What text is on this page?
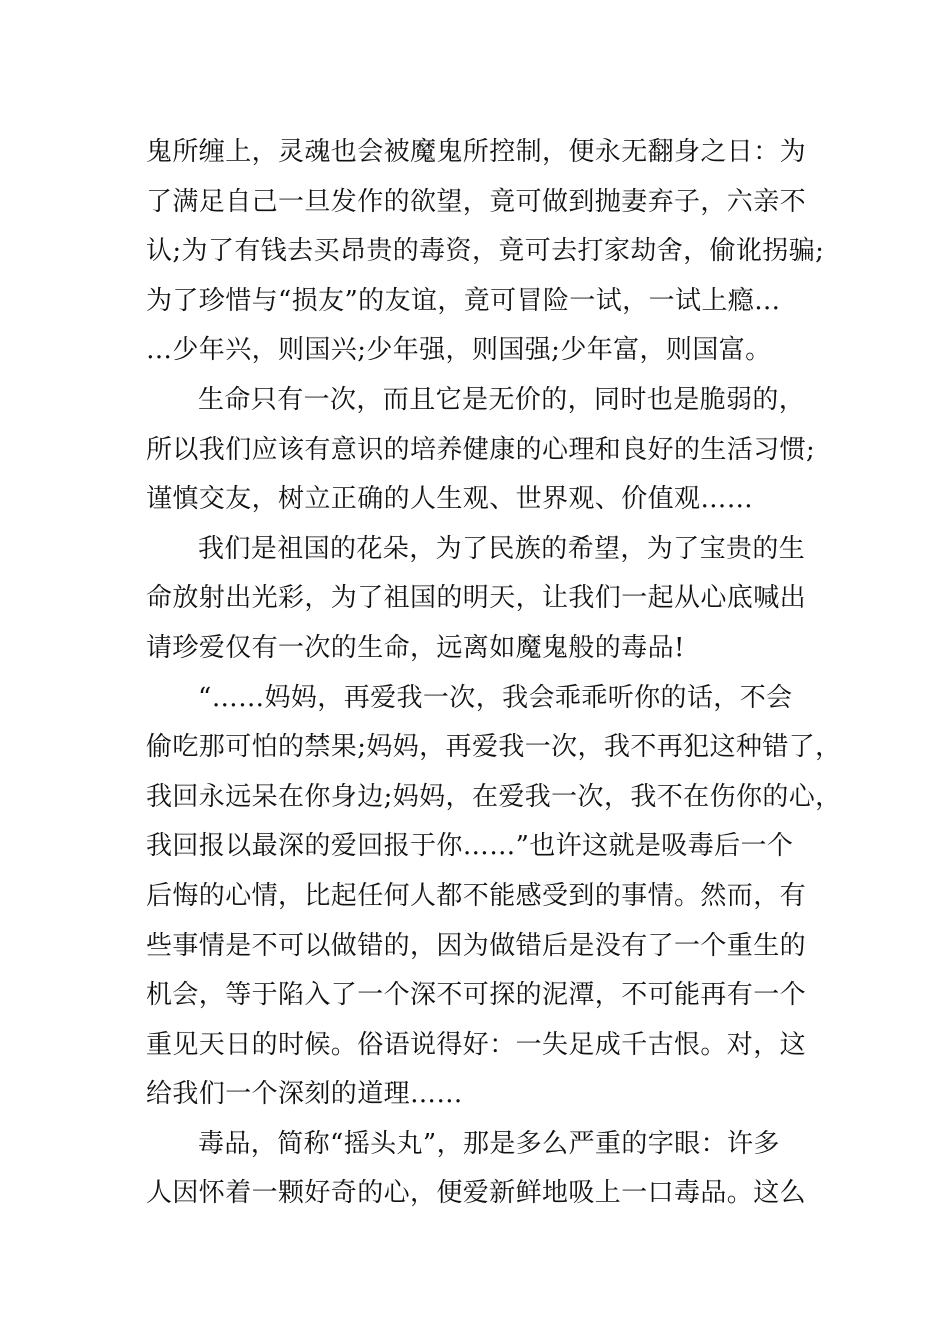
鬼所缠上，灵魂也会被魔鬼所控制，便永无翻身之日：为
了满足自己一旦发作的欲望，竟可做到抛妻弃子，六亲不
认;为了有钱去买昂贵的毒资，竟可去打家劫舍，偷讹拐骗;
为了珍惜与“损友”的友谊，竟可冒险一试，一试上瘾…
…少年兴，则国兴;少年强，则国强;少年富，则国富。
生命只有一次，而且它是无价的，同时也是脆弱的，
所以我们应该有意识的培养健康的心理和良好的生活习惯;
谨慎交友，树立正确的人生观、世界观、价值观……
我们是祖国的花朵，为了民族的希望，为了宝贵的生
命放射出光彩，为了祖国的明天，让我们一起从心底喊出
请珍爱仅有一次的生命，远离如魔鬼般的毒品!
“……妈妈，再爱我一次，我会乖乖听你的话，不会
偷吃那可怕的禁果;妈妈，再爱我一次，我不再犯这种错了，
我回永远呆在你身边;妈妈，在爱我一次，我不在伤你的心，
我回报以最深的爱回报于你……”也许这就是吸毒后一个
后悔的心情，比起任何人都不能感受到的事情。然而，有
些事情是不可以做错的，因为做错后是没有了一个重生的
机会，等于陷入了一个深不可探的泥潭，不可能再有一个
重见天日的时候。俗语说得好：一失足成千古恨。对，这
给我们一个深刻的道理……
毒品，简称“摇头丸”，那是多么严重的字眼：许多
人因怀着一颗好奇的心，便爱新鲜地吸上一口毒品。这么
